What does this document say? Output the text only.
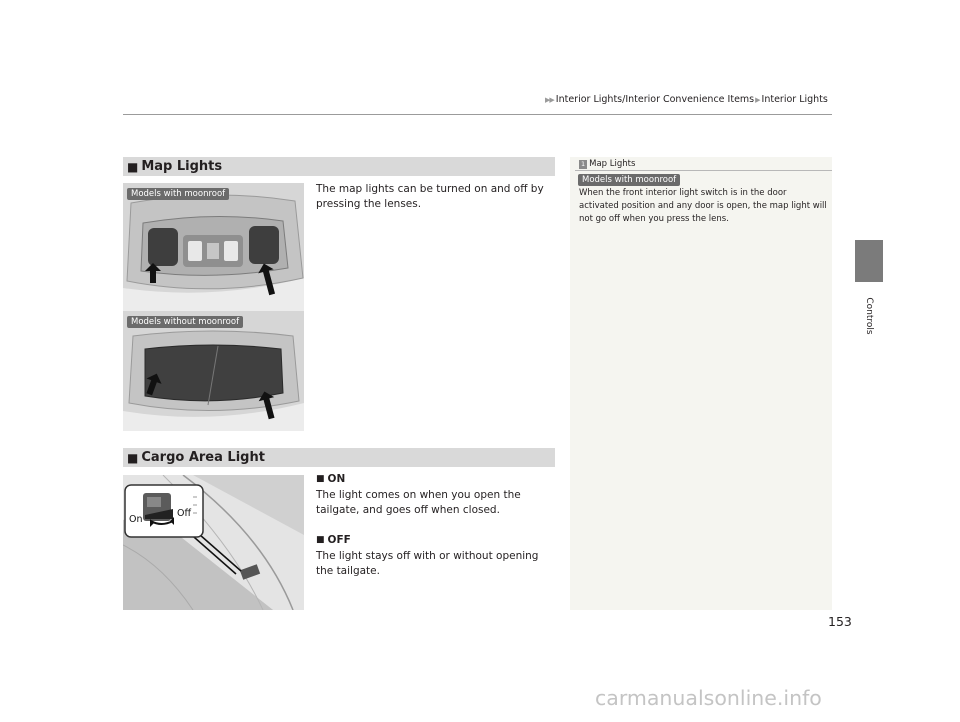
▶▶ Interior Lights/Interior Convenience Items ▶ Interior Lights
Controls
■ Map Lights

The map lights can be turned on and off by pressing the lenses.

Models with moonroof
Models without moonroof
■ Cargo Area Light
On
Off
■ ON

The light comes on when you open the tailgate, and goes off when closed.

■ OFF

The light stays off with or without opening the tailgate.

1 Map Lights
Models with moonroof

When the front interior light switch is in the door activated position and any door is open, the map light will not go off when you press the lens.

153
carmanualsonline.info
